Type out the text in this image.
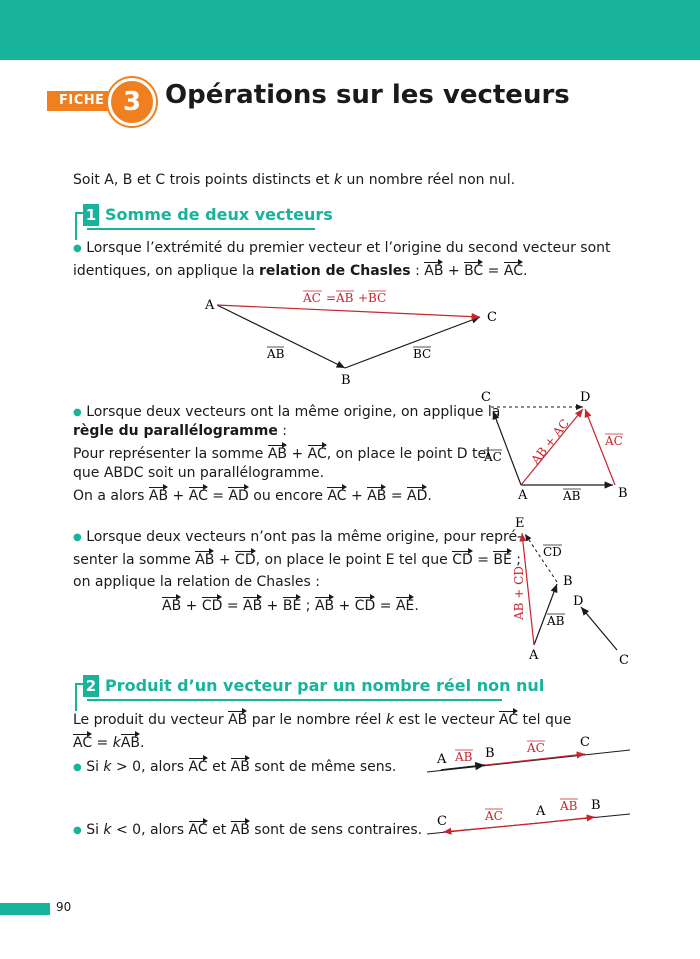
FICHE 3 Opérations sur les vecteurs
Soit A, B et C trois points distincts et k un nombre réel non nul.
1 Somme de deux vecteurs
● Lorsque l’extrémité du premier vecteur et l’origine du second vecteur sont
identiques, on applique la relation de Chasles : AB + BC = AC.
A
B
C
AB	BC
AC = AB + BC
● Lorsque deux vecteurs ont la même origine, on applique la
règle du parallélogramme :
Pour représenter la somme AB + AC, on place le point D tel
que ABDC soit un parallélogramme.
On a alors AB + AC = AD ou encore AC + AB = AD.
C	D
A	B
AB
AC
AC
AB + AC
● Lorsque deux vecteurs n’ont pas la même origine, pour repré-
senter la somme AB + CD, on place le point E tel que CD = BE ;
on applique la relation de Chasles :
AB + CD = AB + BE ; AB + CD = AE.
E
B
D
A	C
CD
AB
AB + CD
2 Produit d’un vecteur par un nombre réel non nul
Le produit du vecteur AB par le nombre réel k est le vecteur AC tel que
AC = kAB.
● Si k > 0, alors AC et AB sont de même sens.
● Si k < 0, alors AC et AB sont de sens contraires.
A	B
C
AB
AC
C
A	B
AC
AB
90
